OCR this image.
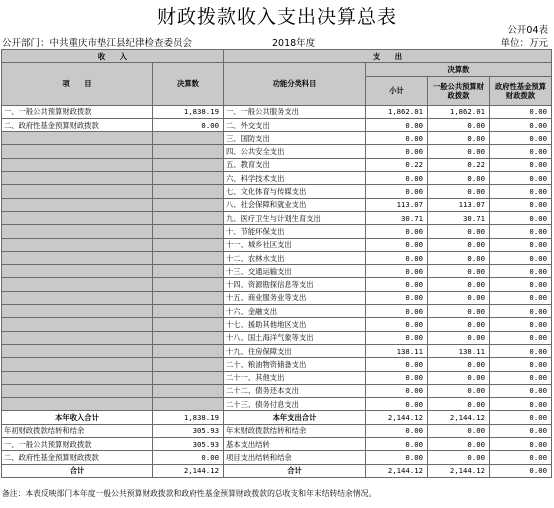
财政拨款收入支出决算总表
公开04表
公开部门：中共重庆市垫江县纪律检查委员会	2018年度	单位：万元
收　　入		支　　出			
项　　目	决算数	功能分类科目	决算数		
			小计	一般公共预算财政拨款	政府性基金预算财政拨款
一、一般公共预算财政拨款	1,838.19	一、一般公共服务支出	1,862.01	1,862.01	0.00
二、政府性基金预算财政拨款	0.00	二、外交支出	0.00	0.00	0.00
		三、国防支出	0.00	0.00	0.00
		四、公共安全支出	0.00	0.00	0.00
		五、教育支出	0.22	0.22	0.00
		六、科学技术支出	0.00	0.00	0.00
		七、文化体育与传媒支出	0.00	0.00	0.00
		八、社会保障和就业支出	113.07	113.07	0.00
		九、医疗卫生与计划生育支出	30.71	30.71	0.00
		十、节能环保支出	0.00	0.00	0.00
		十一、城乡社区支出	0.00	0.00	0.00
		十二、农林水支出	0.00	0.00	0.00
		十三、交通运输支出	0.00	0.00	0.00
		十四、资源勘探信息等支出	0.00	0.00	0.00
		十五、商业服务业等支出	0.00	0.00	0.00
		十六、金融支出	0.00	0.00	0.00
		十七、援助其他地区支出	0.00	0.00	0.00
		十八、国土海洋气象等支出	0.00	0.00	0.00
		十九、住房保障支出	138.11	138.11	0.00
		二十、粮油物资储备支出	0.00	0.00	0.00
		二十一、其他支出	0.00	0.00	0.00
		二十二、债务还本支出	0.00	0.00	0.00
		二十三、债务付息支出	0.00	0.00	0.00
本年收入合计	1,838.19	本年支出合计	2,144.12	2,144.12	0.00
年初财政拨款结转和结余	305.93	年末财政拨款结转和结余	0.00	0.00	0.00
一、一般公共预算财政拨款	305.93	基本支出结转	0.00	0.00	0.00
二、政府性基金预算财政拨款	0.00	项目支出结转和结余	0.00	0.00	0.00
合计	2,144.12	合计	2,144.12	2,144.12	0.00
备注：本表反映部门本年度一般公共预算财政拨款和政府性基金预算财政拨款的总收支和年末结转结余情况。
